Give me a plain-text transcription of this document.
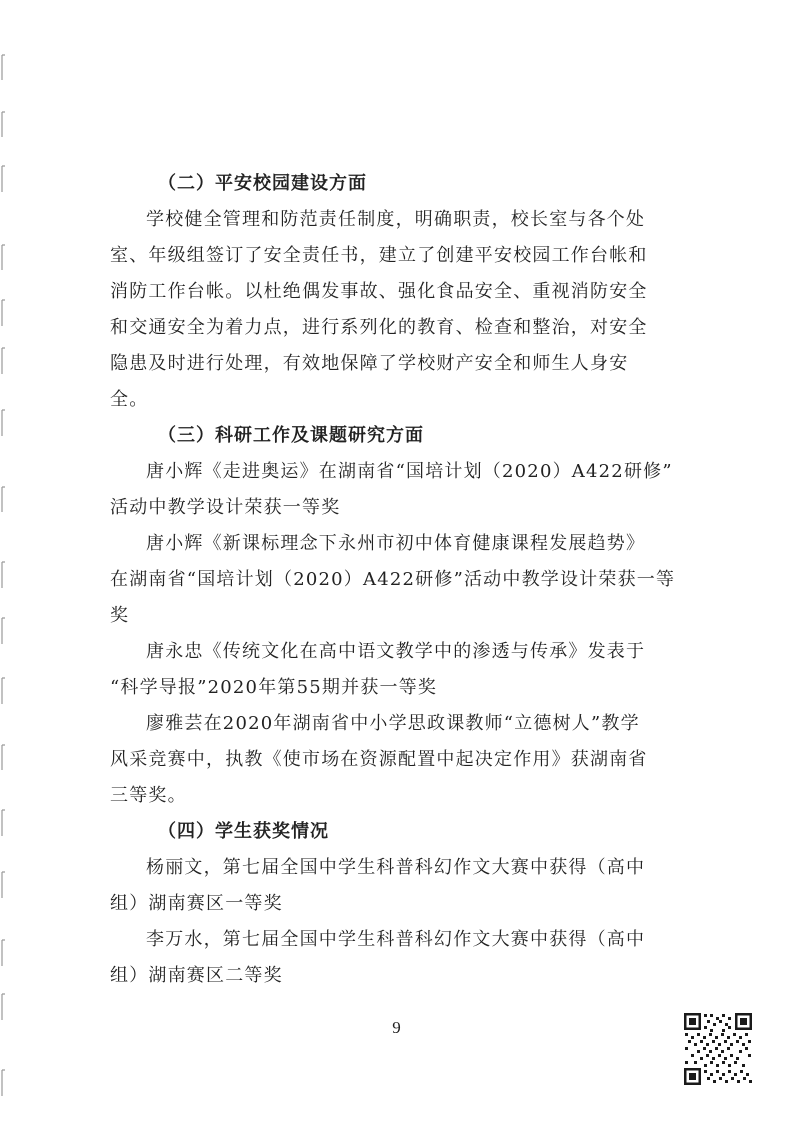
（二）平安校园建设方面

学校健全管理和防范责任制度，明确职责，校长室与各个处
室、年级组签订了安全责任书，建立了创建平安校园工作台帐和
消防工作台帐。以杜绝偶发事故、强化食品安全、重视消防安全
和交通安全为着力点，进行系列化的教育、检查和整治，对安全
隐患及时进行处理，有效地保障了学校财产安全和师生人身安
全。

（三）科研工作及课题研究方面

唐小辉《走进奥运》在湖南省“国培计划（2020）A422研修”
活动中教学设计荣获一等奖

唐小辉《新课标理念下永州市初中体育健康课程发展趋势》
在湖南省“国培计划（2020）A422研修”活动中教学设计荣获一等
奖

唐永忠《传统文化在高中语文教学中的渗透与传承》发表于
“科学导报”2020年第55期并获一等奖

廖雅芸在2020年湖南省中小学思政课教师“立德树人”教学
风采竞赛中，执教《使市场在资源配置中起决定作用》获湖南省
三等奖。

（四）学生获奖情况

杨丽文，第七届全国中学生科普科幻作文大赛中获得（高中
组）湖南赛区一等奖

李万水，第七届全国中学生科普科幻作文大赛中获得（高中
组）湖南赛区二等奖

9
